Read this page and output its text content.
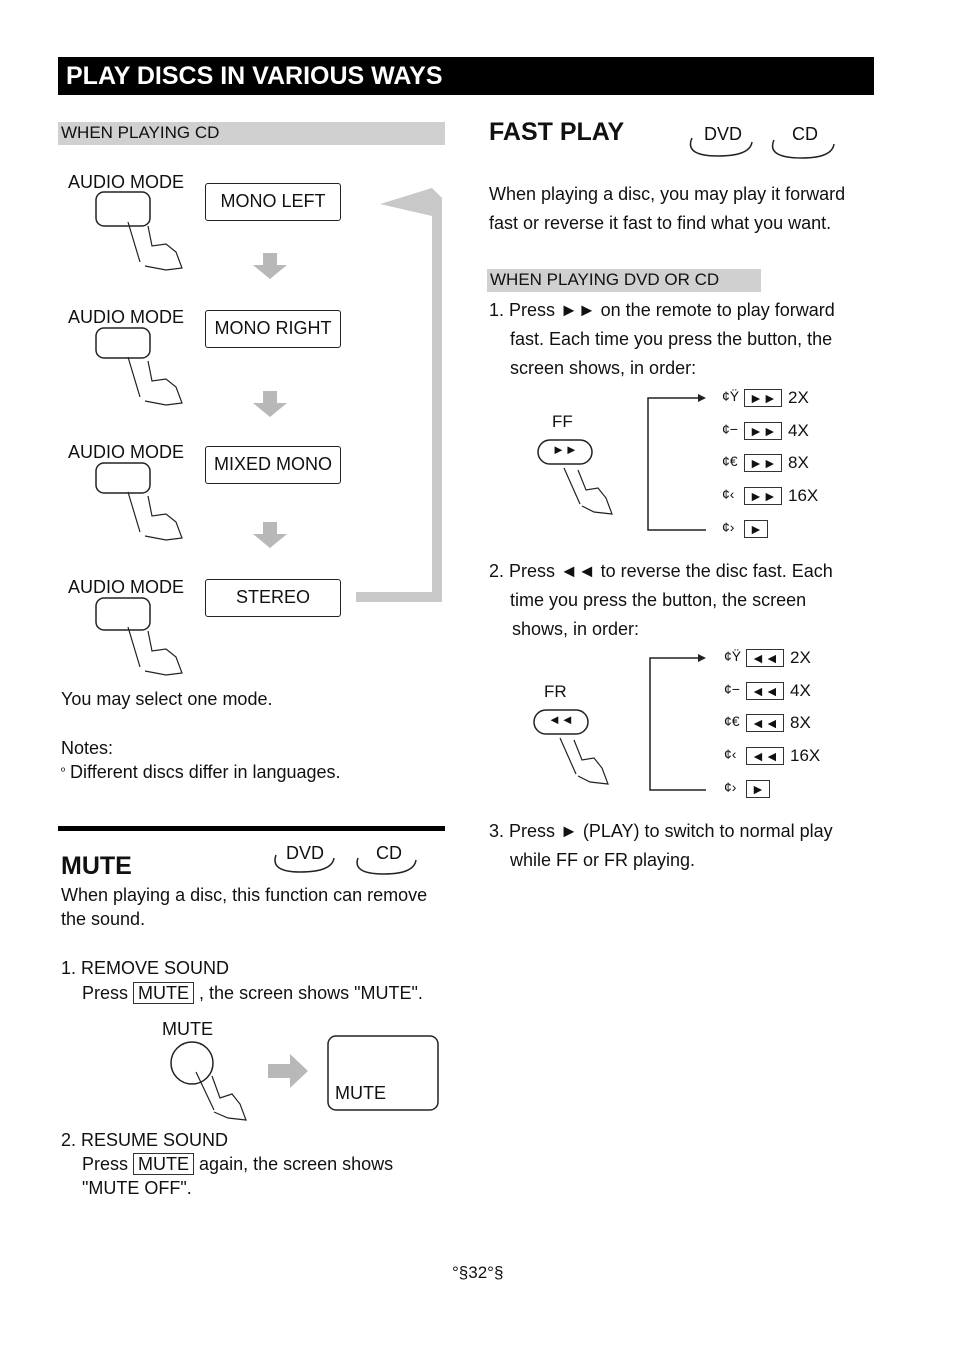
PLAY DISCS IN VARIOUS WAYS
WHEN PLAYING CD
AUDIO MODE
MONO LEFT
AUDIO MODE
MONO RIGHT
AUDIO MODE
MIXED MONO
AUDIO MODE	STEREO
You may select one mode.
Notes:
º Different discs differ in languages.
MUTE	DVD	CD
When playing a disc, this function can remove
the sound.
1. REMOVE SOUND
Press MUTE , the screen shows "MUTE".
MUTE
MUTE
2. RESUME SOUND
Press MUTE again, the screen shows
"MUTE OFF".
FAST PLAY	DVD	CD
When playing a disc, you may play it forward
fast or reverse it fast to find what you want.
WHEN PLAYING DVD OR CD
1. Press ►► on the remote to play forward
fast. Each time you press the button, the
screen shows, in order:
FF
►►
¢Ÿ ►► 2X
¢− ►► 4X
¢€ ►► 8X
¢‹	►► 16X
¢›	►
2. Press ◄◄ to reverse the disc fast. Each
time you press the button, the screen
shows, in order:
FR
◄◄
¢Ÿ ◄◄ 2X
¢− ◄◄ 4X
¢€ ◄◄ 8X
¢‹	◄◄ 16X
¢›	►
3. Press ► (PLAY) to switch to normal play
while FF or FR playing.
°§32°§
